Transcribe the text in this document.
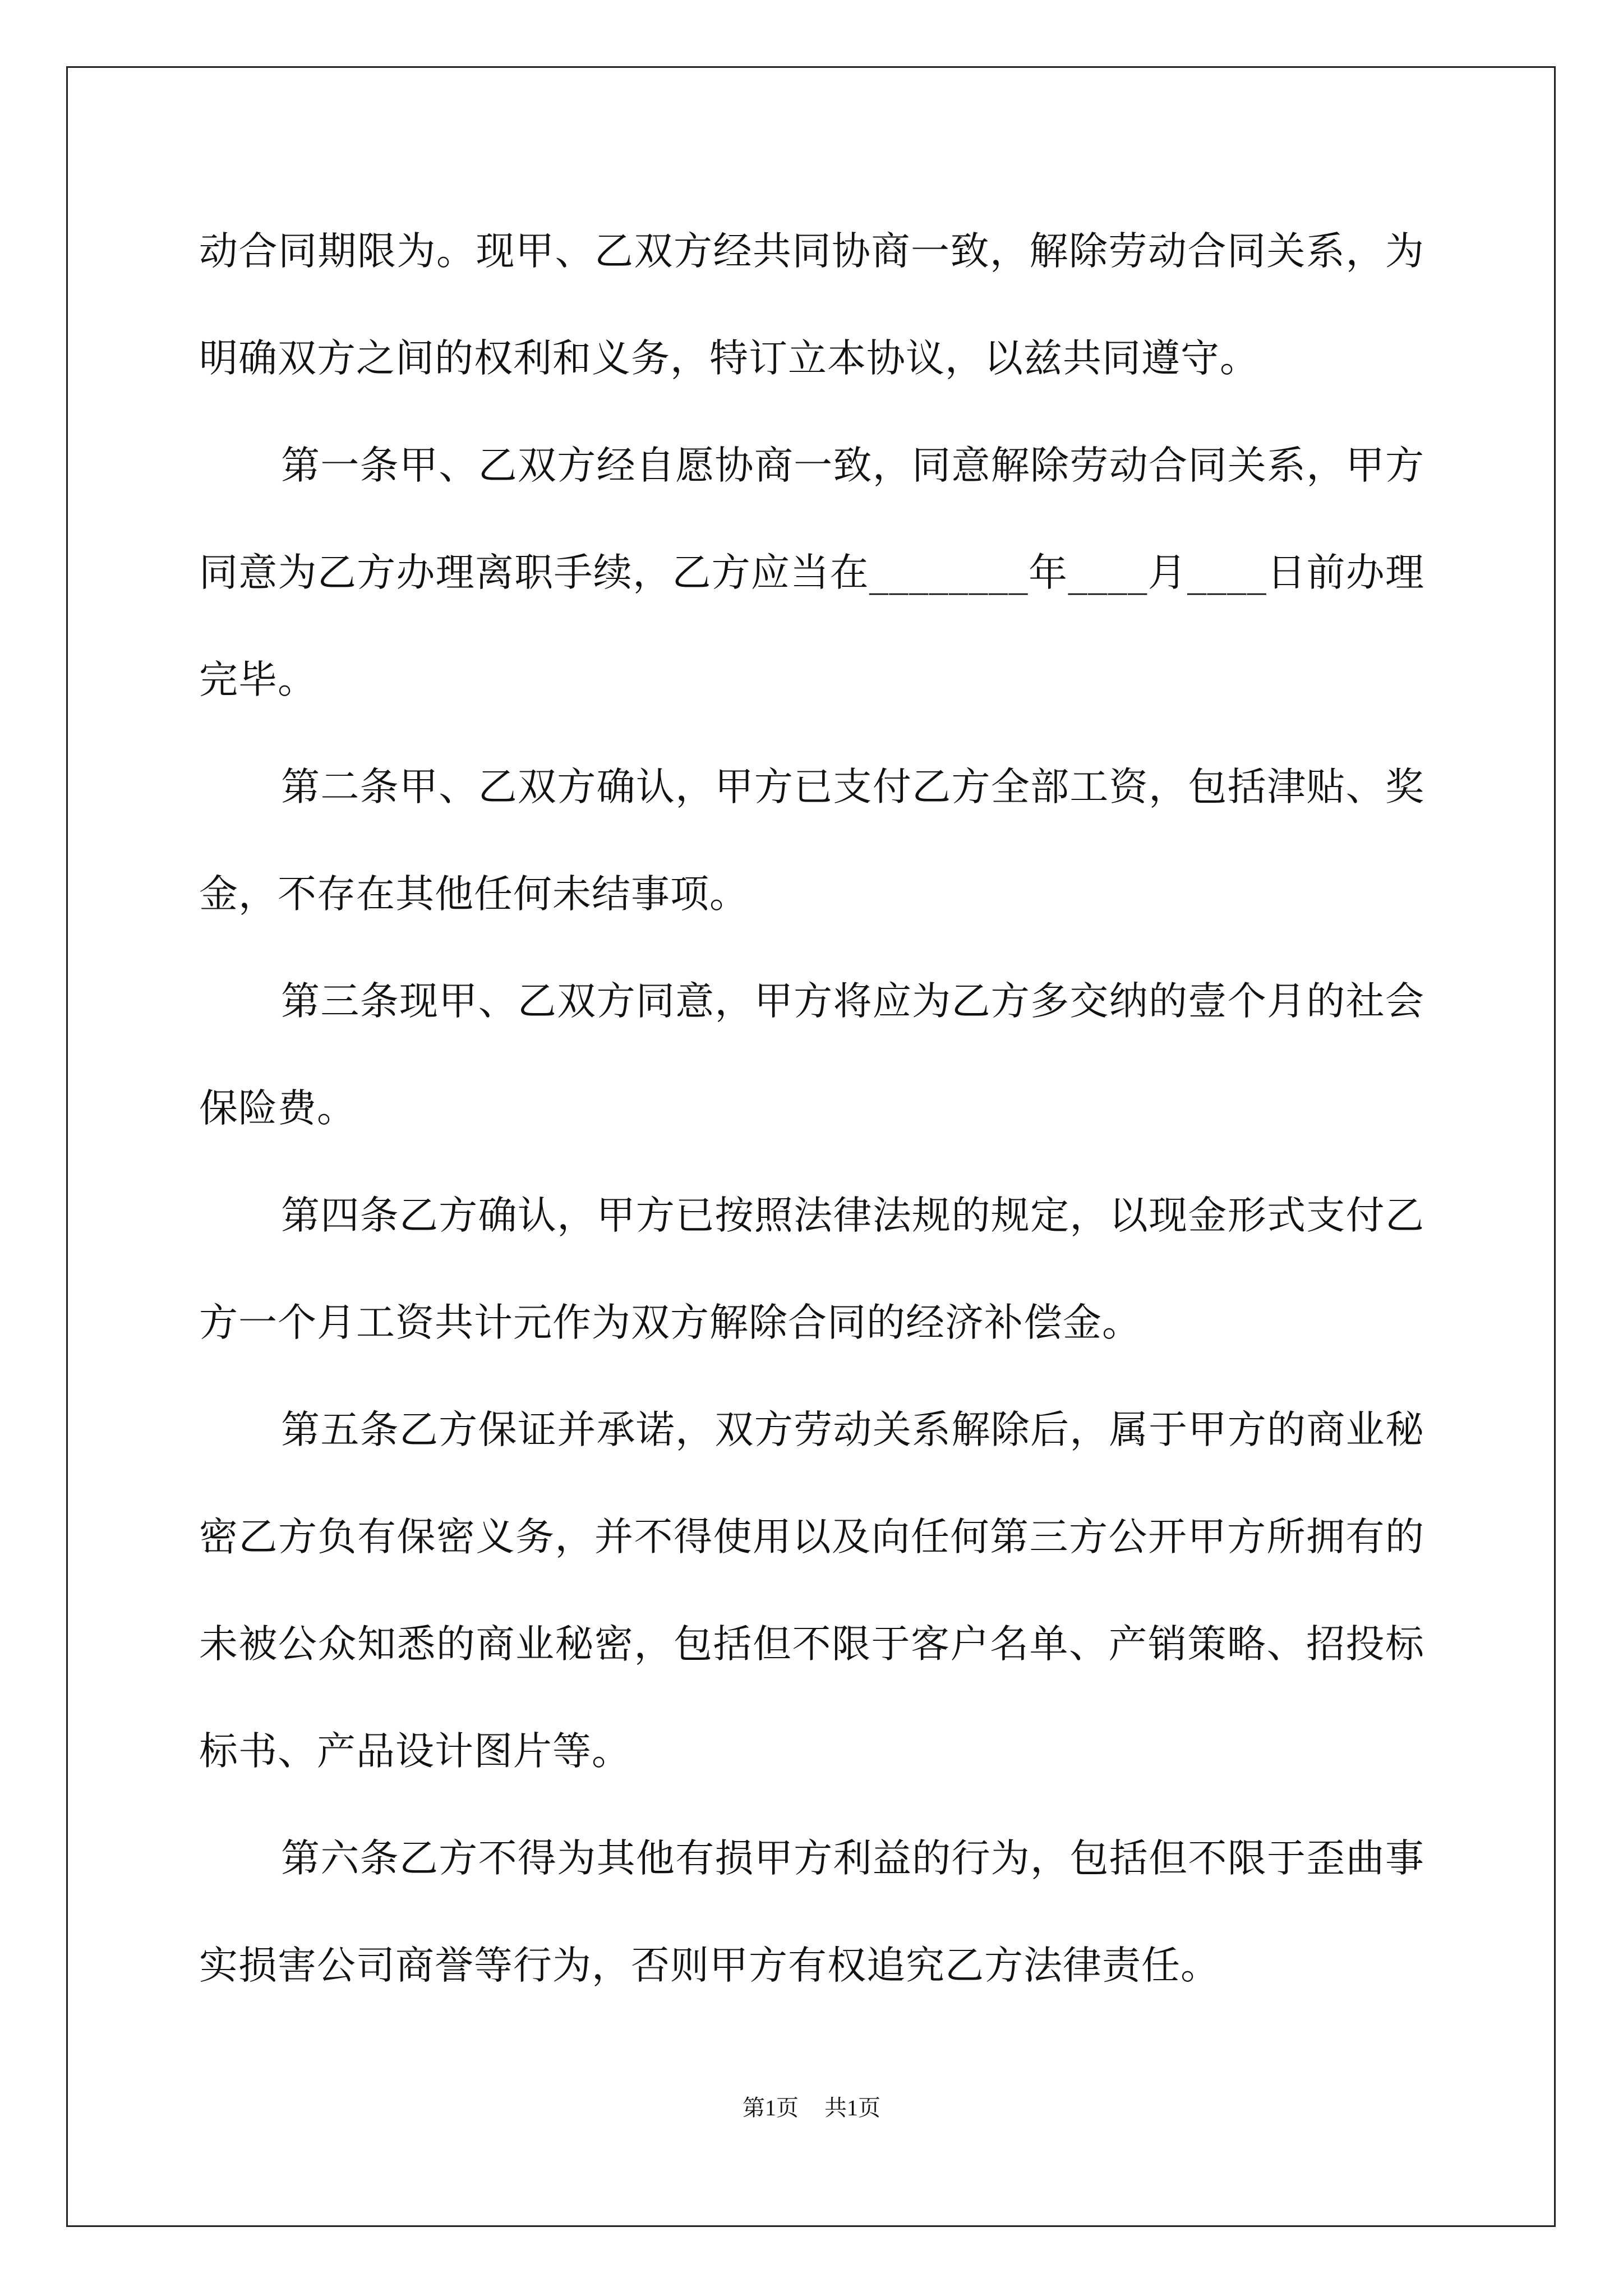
动合同期限为。现甲、乙双方经共同协商一致，解除劳动合同关系，为明确双方之间的权利和义务，特订立本协议，以兹共同遵守。

第一条甲、乙双方经自愿协商一致，同意解除劳动合同关系，甲方同意为乙方办理离职手续，乙方应当在________年____月____日前办理完毕。

第二条甲、乙双方确认，甲方已支付乙方全部工资，包括津贴、奖金，不存在其他任何未结事项。

第三条现甲、乙双方同意，甲方将应为乙方多交纳的壹个月的社会保险费。

第四条乙方确认，甲方已按照法律法规的规定，以现金形式支付乙方一个月工资共计元作为双方解除合同的经济补偿金。

第五条乙方保证并承诺，双方劳动关系解除后，属于甲方的商业秘密乙方负有保密义务，并不得使用以及向任何第三方公开甲方所拥有的未被公众知悉的商业秘密，包括但不限于客户名单、产销策略、招投标标书、产品设计图片等。

第六条乙方不得为其他有损甲方利益的行为，包括但不限于歪曲事实损害公司商誉等行为，否则甲方有权追究乙方法律责任。

第1页 共1页
